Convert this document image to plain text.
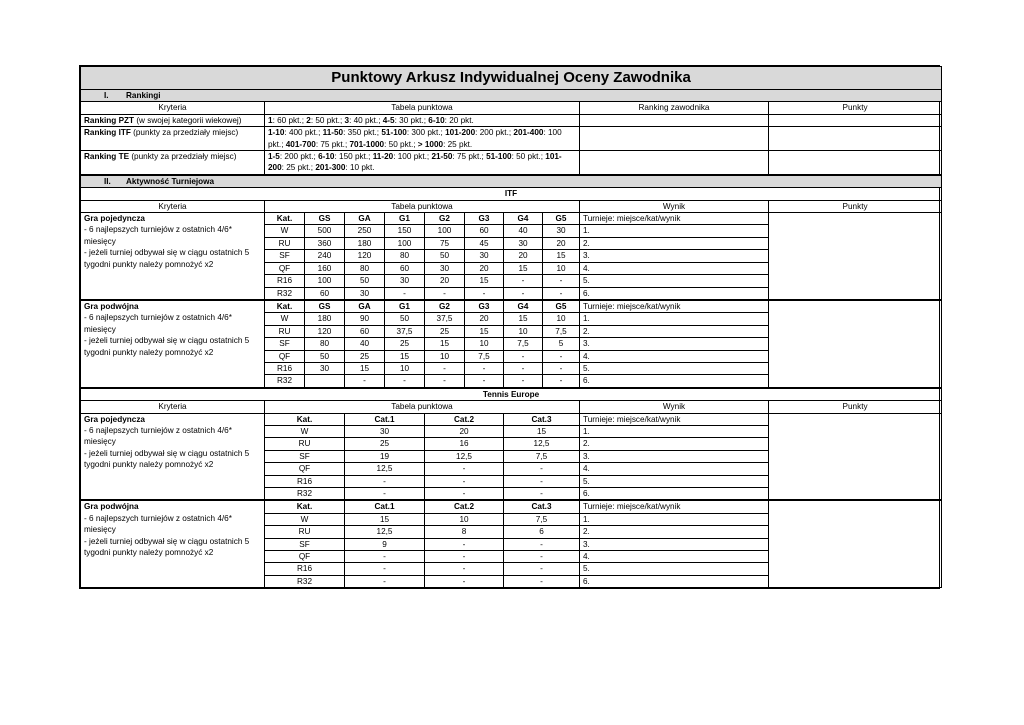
Punktowy Arkusz Indywidualnej Oceny Zawodnika										
I. Rankingi										
Kryteria	Tabela punktowa								Ranking zawodnika	Punkty
Ranking PZT (w swojej kategorii wiekowej)	1: 60 pkt.; 2: 50 pkt.; 3: 40 pkt.; 4-5: 30 pkt.; 6-10: 20 pkt.									
Ranking ITF (punkty za przedziały miejsc)	1-10: 400 pkt.; 11-50: 350 pkt.; 51-100: 300 pkt.; 101-200: 200 pkt.; 201-400: 100 pkt.; 401-700: 75 pkt.; 701-1000: 50 pkt.; > 1000: 25 pkt.									
Ranking TE (punkty za przedziały miejsc)	1-5: 200 pkt.; 6-10: 150 pkt.; 11-20: 100 pkt.; 21-50: 75 pkt.; 51-100: 50 pkt.; 101-200: 25 pkt.; 201-300: 10 pkt.									
II. Aktywność Turniejowa										
ITF										
Kryteria	Tabela punktowa								Wynik	Punkty
Gra pojedyncza
- 6 najlepszych turniejów z ostatnich 4/6* miesięcy
- jeżeli turniej odbywał się w ciągu ostatnich 5 tygodni punkty należy pomnożyć x2	Kat.	GS	GA	G1	G2	G3	G4	G5	Turnieje: miejsce/kat/wynik	
	W	500	250	150	100	60	40	30	1.	
	RU	360	180	100	75	45	30	20	2.	
	SF	240	120	80	50	30	20	15	3.	
	QF	160	80	60	30	20	15	10	4.	
	R16	100	50	30	20	15	-	-	5.	
	R32	60	30	-	-	-	-	-	6.	
Gra podwójna
- 6 najlepszych turniejów z ostatnich 4/6* miesięcy
- jeżeli turniej odbywał się w ciągu ostatnich 5 tygodni punkty należy pomnożyć x2	Kat.	GS	GA	G1	G2	G3	G4	G5	Turnieje: miejsce/kat/wynik	
	W	180	90	50	37,5	20	15	10	1.	
	RU	120	60	37,5	25	15	10	7,5	2.	
	SF	80	40	25	15	10	7,5	5	3.	
	QF	50	25	15	10	7,5	-	-	4.	
	R16	30	15	10	-	-	-	-	5.	
	R32		-	-	-	-	-	-	6.	
Tennis Europe										
Kryteria	Tabela punktowa								Wynik	Punkty
Gra pojedyncza
- 6 najlepszych turniejów z ostatnich 4/6* miesięcy
- jeżeli turniej odbywał się w ciągu ostatnich 5 tygodni punkty należy pomnożyć x2	Kat.		Cat.1		Cat.2		Cat.3		Turnieje: miejsce/kat/wynik	
	W		30		20		15		1.	
	RU		25		16		12,5		2.	
	SF		19		12,5		7,5		3.	
	QF		12,5		-		-		4.	
	R16		-		-		-		5.	
	R32		-		-		-		6.	
Gra podwójna
- 6 najlepszych turniejów z ostatnich 4/6* miesięcy
- jeżeli turniej odbywał się w ciągu ostatnich 5 tygodni punkty należy pomnożyć x2	Kat.		Cat.1		Cat.2		Cat.3		Turnieje: miejsce/kat/wynik	
	W		15		10		7,5		1.	
	RU		12,5		8		6		2.	
	SF		9		-		-		3.	
	QF		-		-		-		4.	
	R16		-		-		-		5.	
	R32		-		-		-		6.	
